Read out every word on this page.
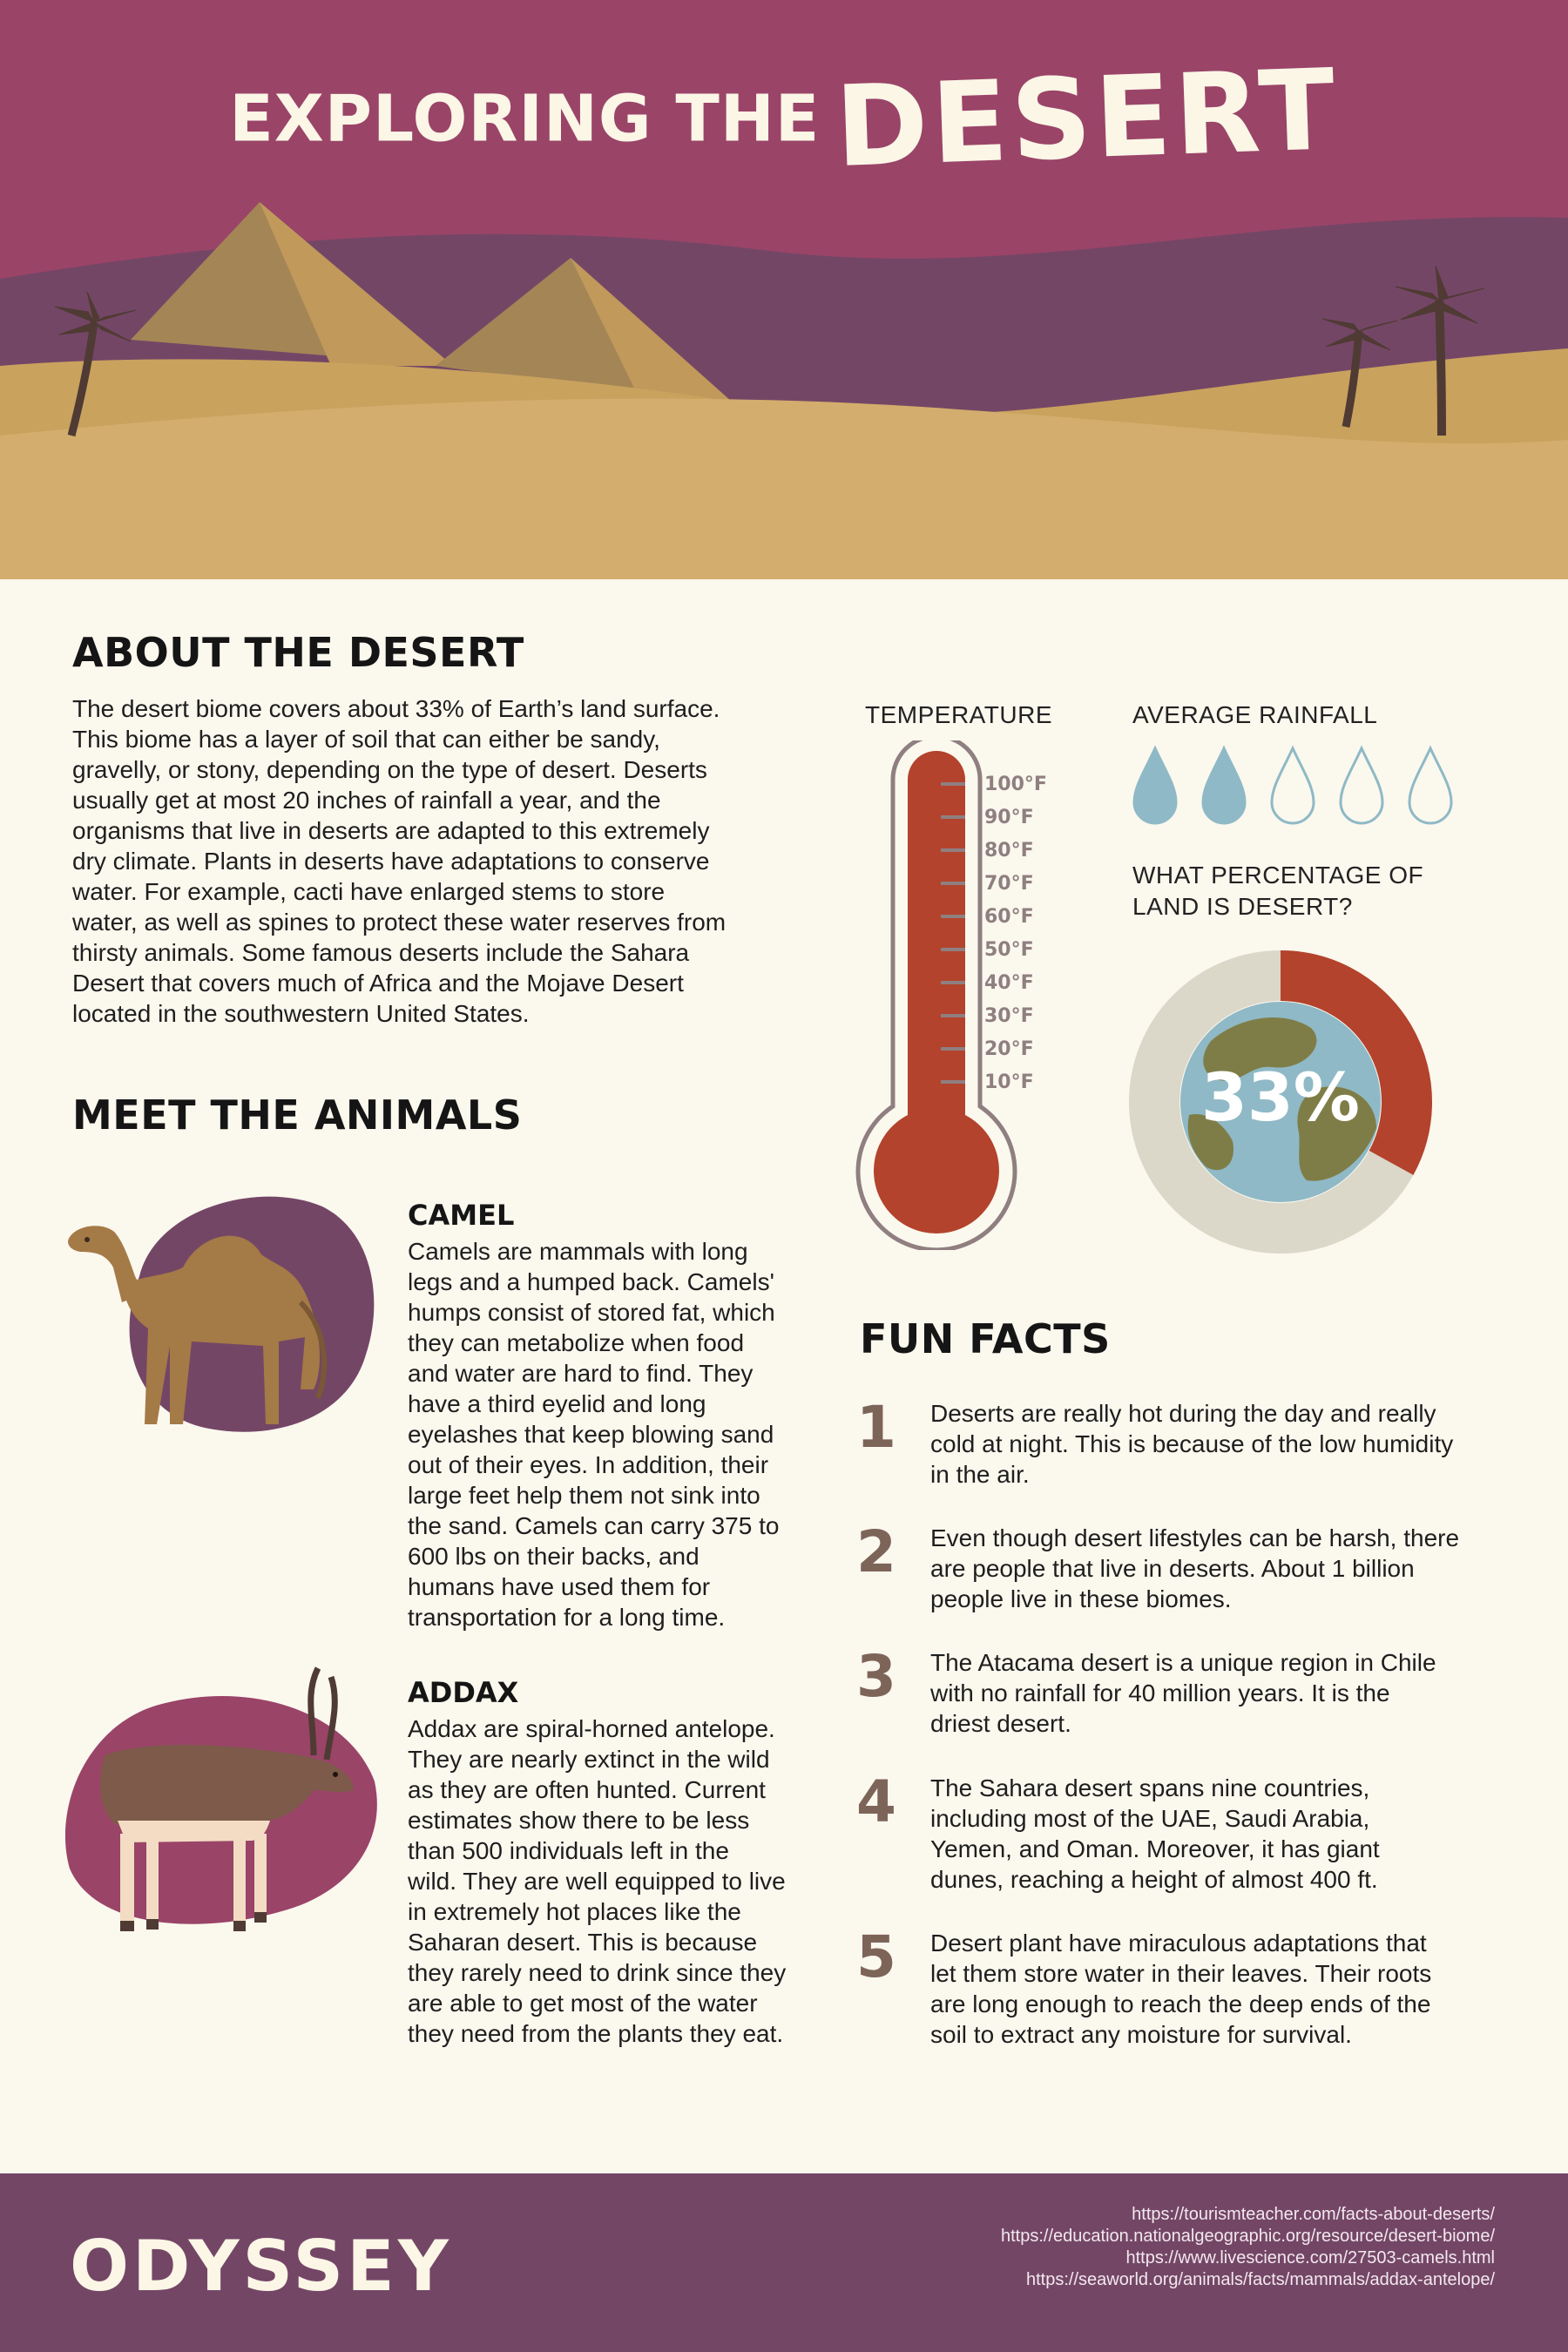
EXPLORING THE DESERT
ABOUT THE DESERT
The desert biome covers about 33% of Earth’s land surface.
This biome has a layer of soil that can either be sandy,
gravelly, or stony, depending on the type of desert. Deserts
usually get at most 20 inches of rainfall a year, and the
organisms that live in deserts are adapted to this extremely
dry climate. Plants in deserts have adaptations to conserve
water. For example, cacti have enlarged stems to store
water, as well as spines to protect these water reserves from
thirsty animals. Some famous deserts include the Sahara
Desert that covers much of Africa and the Mojave Desert
located in the southwestern United States.
TEMPERATURE
100°F
90°F
80°F
70°F
60°F
50°F
40°F
30°F
20°F
10°F
AVERAGE RAINFALL
WHAT PERCENTAGE OF
LAND IS DESERT?
33%
MEET THE ANIMALS
CAMEL
Camels are mammals with long
legs and a humped back. Camels'
humps consist of stored fat, which
they can metabolize when food
and water are hard to find. They
have a third eyelid and long
eyelashes that keep blowing sand
out of their eyes. In addition, their
large feet help them not sink into
the sand. Camels can carry 375 to
600 lbs on their backs, and
humans have used them for
transportation for a long time.
ADDAX
Addax are spiral-horned antelope.
They are nearly extinct in the wild
as they are often hunted. Current
estimates show there to be less
than 500 individuals left in the
wild. They are well equipped to live
in extremely hot places like the
Saharan desert. This is because
they rarely need to drink since they
are able to get most of the water
they need from the plants they eat.
FUN FACTS
1 Deserts are really hot during the day and really
cold at night. This is because of the low humidity
in the air.
2 Even though desert lifestyles can be harsh, there
are people that live in deserts. About 1 billion
people live in these biomes.
3 The Atacama desert is a unique region in Chile
with no rainfall for 40 million years. It is the
driest desert.
4 The Sahara desert spans nine countries,
including most of the UAE, Saudi Arabia,
Yemen, and Oman. Moreover, it has giant
dunes, reaching a height of almost 400 ft.
5 Desert plant have miraculous adaptations that
let them store water in their leaves. Their roots
are long enough to reach the deep ends of the
soil to extract any moisture for survival.
ODYSSEY
https://tourismteacher.com/facts-about-deserts/
https://education.nationalgeographic.org/resource/desert-biome/
https://www.livescience.com/27503-camels.html
https://seaworld.org/animals/facts/mammals/addax-antelope/
